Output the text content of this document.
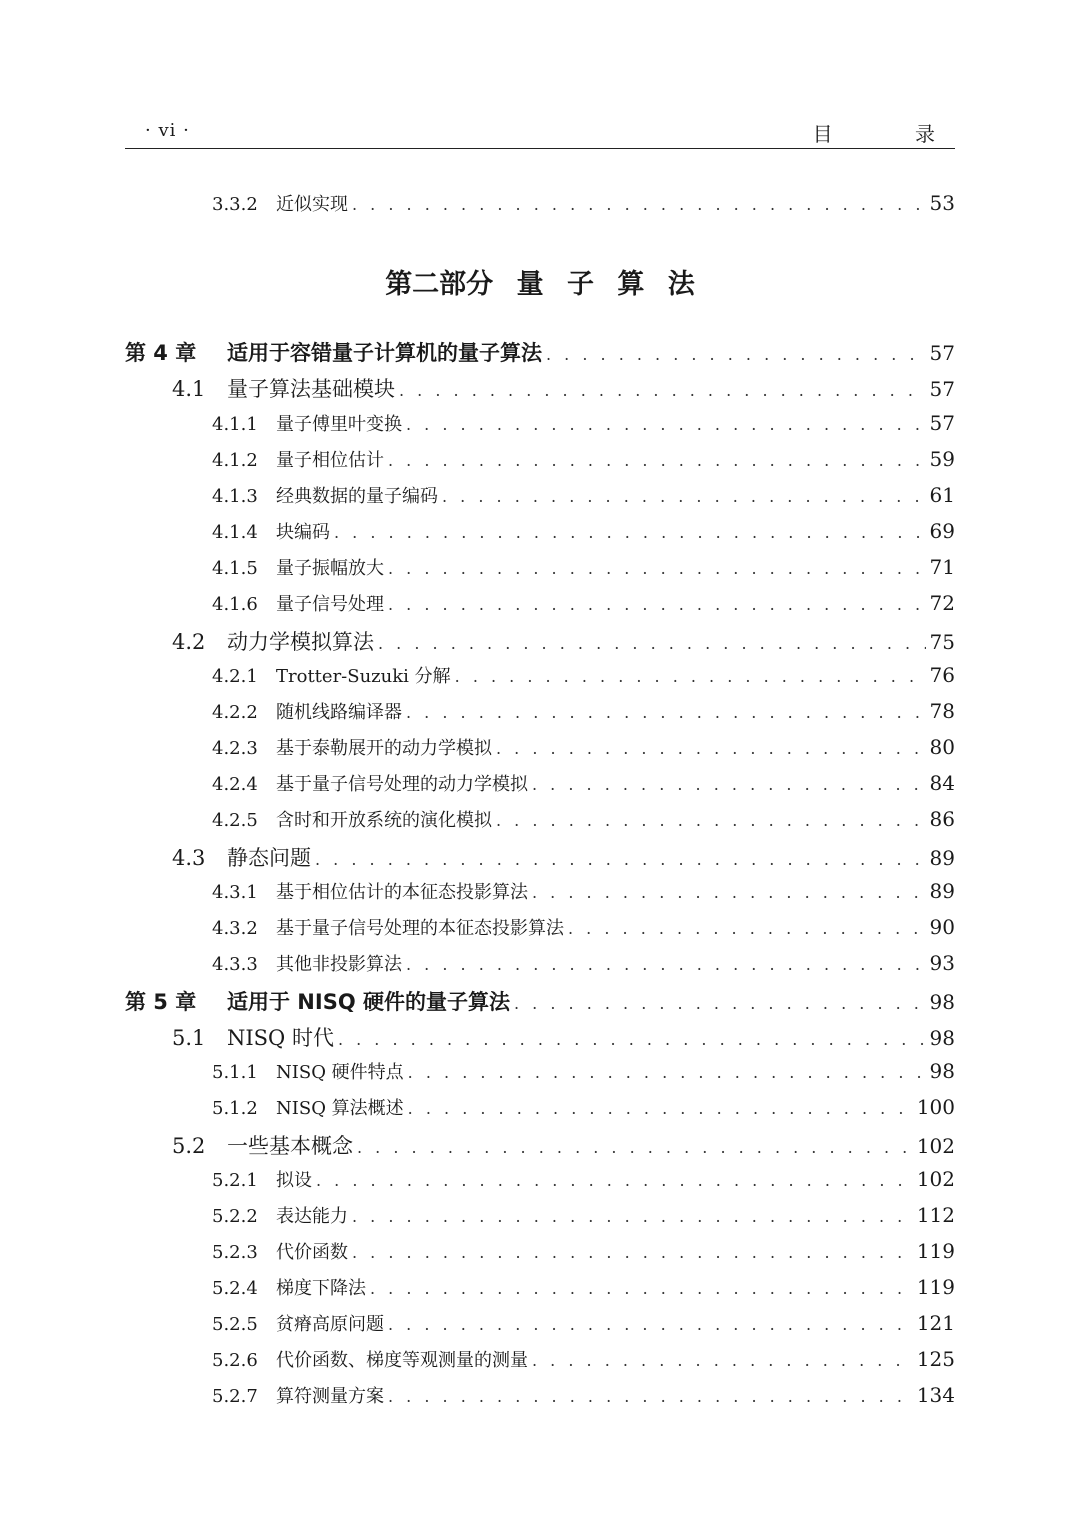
· vi ·	目 录
第二部分 量 子 算 法
3.3.2	近似实现 . . .	53
第 4 章	适用于容错量子计算机的量子算法 . . .	57
4.1	量子算法基础模块 . . .	57
4.1.1	量子傅里叶变换 . . .	57
4.1.2	量子相位估计 . . .	59
4.1.3	经典数据的量子编码 . . .	61
4.1.4	块编码 . . .	69
4.1.5	量子振幅放大 . . .	71
4.1.6	量子信号处理 . . .	72
4.2	动力学模拟算法 . . .	75
4.2.1	Trotter-Suzuki 分解 . . .	76
4.2.2	随机线路编译器 . . .	78
4.2.3	基于泰勒展开的动力学模拟 . . .	80
4.2.4	基于量子信号处理的动力学模拟 . . .	84
4.2.5	含时和开放系统的演化模拟 . . .	86
4.3	静态问题 . . .	89
4.3.1	基于相位估计的本征态投影算法 . . .	89
4.3.2	基于量子信号处理的本征态投影算法 . . .	90
4.3.3	其他非投影算法 . . .	93
第 5 章	适用于 NISQ 硬件的量子算法 . . .	98
5.1	NISQ 时代 . . .	98
5.1.1	NISQ 硬件特点 . . .	98
5.1.2	NISQ 算法概述 . . .	100
5.2	一些基本概念 . . .	102
5.2.1	拟设 . . .	102
5.2.2	表达能力 . . .	112
5.2.3	代价函数 . . .	119
5.2.4	梯度下降法 . . .	119
5.2.5	贫瘠高原问题 . . .	121
5.2.6	代价函数、梯度等观测量的测量 . . .	125
5.2.7	算符测量方案 . . .	134
